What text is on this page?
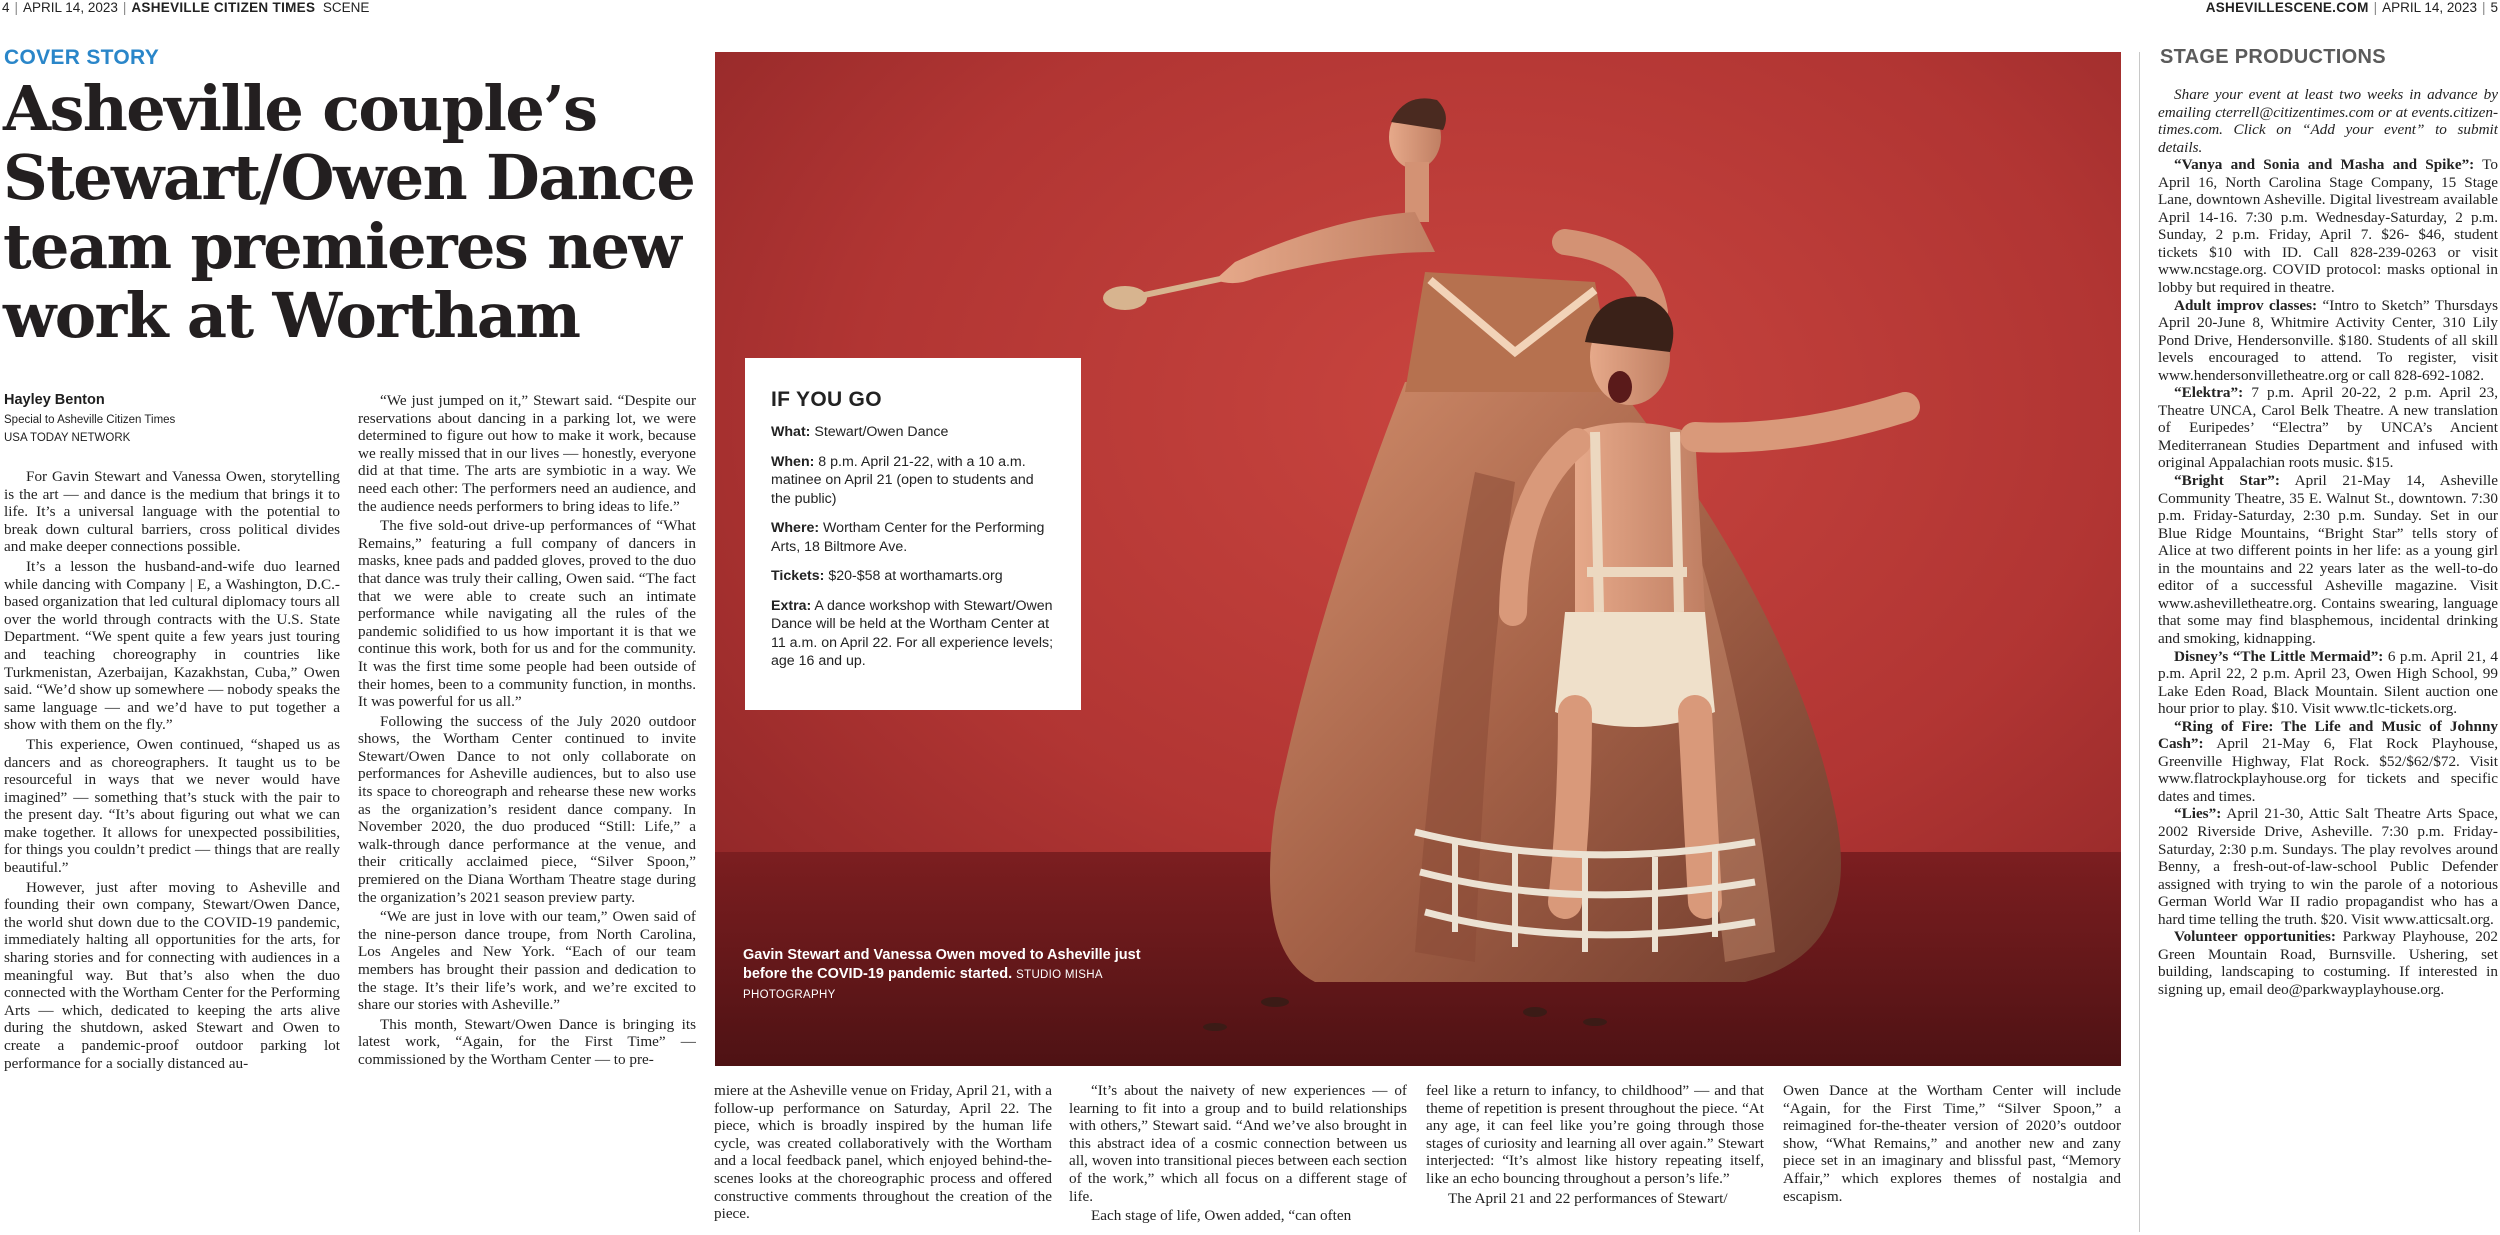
4 | APRIL 14, 2023 | ASHEVILLE CITIZEN TIMES SCENE	ASHEVILLESCENE.COM | APRIL 14, 2023 | 5
COVER STORY
Asheville couple’s Stewart/Owen Dance team premieres new work at Wortham
Hayley Benton
Special to Asheville Citizen Times
USA TODAY NETWORK

For Gavin Stewart and Vanessa Owen, storytelling is the art — and dance is the medium that brings it to life. It’s a universal language with the potential to break down cultural barriers, cross political divides and make deeper connections possible.

It’s a lesson the husband-and-wife duo learned while dancing with Company | E, a Washington, D.C.-based organization that led cultural diplomacy tours all over the world through contracts with the U.S. State Department. “We spent quite a few years just touring and teaching choreography in countries like Turkmenistan, Azerbaijan, Kazakhstan, Cuba,” Owen said. “We’d show up somewhere — nobody speaks the same language — and we’d have to put together a show with them on the fly.”

This experience, Owen continued, “shaped us as dancers and as choreographers. It taught us to be resourceful in ways that we never would have imagined” — something that’s stuck with the pair to the present day. “It’s about figuring out what we can make together. It allows for unexpected possibilities, for things you couldn’t predict — things that are really beautiful.”

However, just after moving to Asheville and founding their own company, Stewart/Owen Dance, the world shut down due to the COVID-19 pandemic, immediately halting all opportunities for the arts, for sharing stories and for connecting with audiences in a meaningful way. But that’s also when the duo connected with the Wortham Center for the Performing Arts — which, dedicated to keeping the arts alive during the shutdown, asked Stewart and Owen to create a pandemic-proof outdoor parking lot performance for a socially distanced au-

“We just jumped on it,” Stewart said. “Despite our reservations about dancing in a parking lot, we were determined to figure out how to make it work, because we really missed that in our lives — honestly, everyone did at that time. The arts are symbiotic in a way. We need each other: The performers need an audience, and the audience needs performers to bring ideas to life.”

The five sold-out drive-up performances of “What Remains,” featuring a full company of dancers in masks, knee pads and padded gloves, proved to the duo that dance was truly their calling, Owen said. “The fact that we were able to create such an intimate performance while navigating all the rules of the pandemic solidified to us how important it is that we continue this work, both for us and for the community. It was the first time some people had been outside of their homes, been to a community function, in months. It was powerful for us all.”

Following the success of the July 2020 outdoor shows, the Wortham Center continued to invite Stewart/Owen Dance to not only collaborate on performances for Asheville audiences, but to also use its space to choreograph and rehearse these new works as the organization’s resident dance company. In November 2020, the duo produced “Still: Life,” a walk-through dance performance at the venue, and their critically acclaimed piece, “Silver Spoon,” premiered on the Diana Wortham Theatre stage during the organization’s 2021 season preview party.

“We are just in love with our team,” Owen said of the nine-person dance troupe, from North Carolina, Los Angeles and New York. “Each of our team members has brought their passion and dedication to the stage. It’s their life’s work, and we’re excited to share our stories with Asheville.”

This month, Stewart/Owen Dance is bringing its latest work, “Again, for the First Time” — commissioned by the Wortham Center — to pre-

miere at the Asheville venue on Friday, April 21, with a follow-up performance on Saturday, April 22. The piece, which is broadly inspired by the human life cycle, was created collaboratively with the Wortham and a local feedback panel, which enjoyed behind-the-scenes looks at the choreographic process and offered constructive comments throughout the creation of the piece.

“It’s about the naivety of new experiences — of learning to fit into a group and to build relationships with others,” Stewart said. “And we’ve also brought in this abstract idea of a cosmic connection between us all, woven into transitional pieces between each section of the work,” which all focus on a different stage of life.

Each stage of life, Owen added, “can often

feel like a return to infancy, to childhood” — and that theme of repetition is present throughout the piece. “At any age, it can feel like you’re going through those stages of curiosity and learning all over again.” Stewart interjected: “It’s almost like history repeating itself, like an echo bouncing throughout a person’s life.”

The April 21 and 22 performances of Stewart/

Owen Dance at the Wortham Center will include “Again, for the First Time,” “Silver Spoon,” a reimagined for-the-theater version of 2020’s outdoor show, “What Remains,” and another new and zany piece set in an imaginary and blissful past, “Memory Affair,” which explores themes of nostalgia and escapism.

Gavin Stewart and Vanessa Owen moved to Asheville just before the COVID-19 pandemic started. STUDIO MISHA PHOTOGRAPHY
IF YOU GO
What: Stewart/Owen Dance
When: 8 p.m. April 21-22, with a 10 a.m. matinee on April 21 (open to students and the public)
Where: Wortham Center for the Performing Arts, 18 Biltmore Ave.
Tickets: $20-$58 at worthamarts.org
Extra: A dance workshop with Stewart/Owen Dance will be held at the Wortham Center at 11 a.m. on April 22. For all experience levels; age 16 and up.
STAGE PRODUCTIONS

Share your event at least two weeks in advance by emailing cterrell@citizentimes.com or at events.citizen-times.com. Click on “Add your event” to submit details.

“Vanya and Sonia and Masha and Spike”: To April 16, North Carolina Stage Company, 15 Stage Lane, downtown Asheville. Digital livestream available April 14-16. 7:30 p.m. Wednesday-Saturday, 2 p.m. Sunday, 2 p.m. Friday, April 7. $26- $46, student tickets $10 with ID. Call 828-239-0263 or visit www.ncstage.org. COVID protocol: masks optional in lobby but required in theatre.

Adult improv classes: “Intro to Sketch” Thursdays April 20-June 8, Whitmire Activity Center, 310 Lily Pond Drive, Hendersonville. $180. Students of all skill levels encouraged to attend. To register, visit www.hendersonvilletheatre.org or call 828-692-1082.

“Elektra”: 7 p.m. April 20-22, 2 p.m. April 23, Theatre UNCA, Carol Belk Theatre. A new translation of Euripedes’ “Electra” by UNCA’s Ancient Mediterranean Studies Department and infused with original Appalachian roots music. $15.

“Bright Star”: April 21-May 14, Asheville Community Theatre, 35 E. Walnut St., downtown. 7:30 p.m. Friday-Saturday, 2:30 p.m. Sunday. Set in our Blue Ridge Mountains, “Bright Star” tells story of Alice at two different points in her life: as a young girl in the mountains and 22 years later as the well-to-do editor of a successful Asheville magazine. Visit www.ashevilletheatre.org. Contains swearing, language that some may find blasphemous, incidental drinking and smoking, kidnapping.

Disney’s “The Little Mermaid”: 6 p.m. April 21, 4 p.m. April 22, 2 p.m. April 23, Owen High School, 99 Lake Eden Road, Black Mountain. Silent auction one hour prior to play. $10. Visit www.tlc-tickets.org.

“Ring of Fire: The Life and Music of Johnny Cash”: April 21-May 6, Flat Rock Playhouse, Greenville Highway, Flat Rock. $52/$62/$72. Visit www.flatrockplayhouse.org for tickets and specific dates and times.

“Lies”: April 21-30, Attic Salt Theatre Arts Space, 2002 Riverside Drive, Asheville. 7:30 p.m. Friday-Saturday, 2:30 p.m. Sundays. The play revolves around Benny, a fresh-out-of-law-school Public Defender assigned with trying to win the parole of a notorious German World War II radio propagandist who has a hard time telling the truth. $20. Visit www.atticsalt.org.

Volunteer opportunities: Parkway Playhouse, 202 Green Mountain Road, Burnsville. Ushering, set building, landscaping to costuming. If interested in signing up, email deo@parkwayplayhouse.org.
